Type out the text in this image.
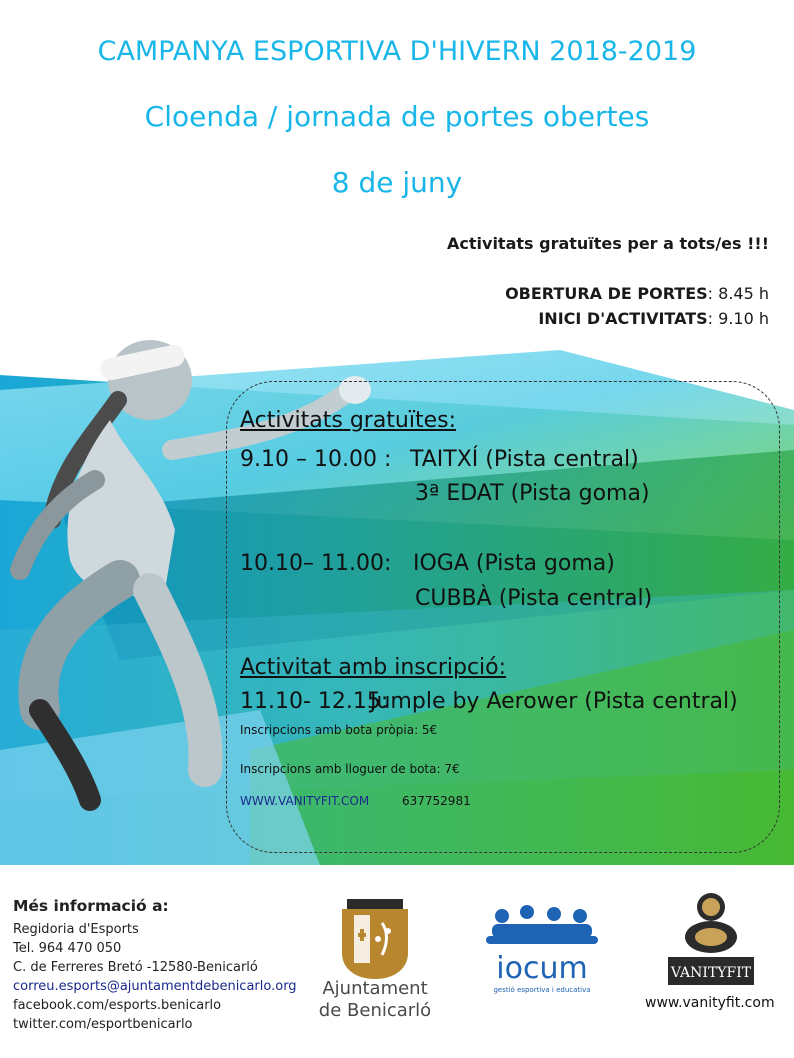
CAMPANYA ESPORTIVA D'HIVERN 2018-2019
Cloenda / jornada de portes obertes
8 de juny
Activitats gratuïtes per a tots/es !!!
OBERTURA DE PORTES: 8.45 h
INICI D'ACTIVITATS: 9.10 h
Activitats gratuïtes:
9.10 – 10.00 : TAITXÍ (Pista central)
3ª EDAT (Pista goma)
10.10– 11.00: IOGA (Pista goma)
CUBBÀ (Pista central)
Activitat amb inscripció:
11.10- 12.15:
Jumple by Aerower (Pista central)
Inscripcions amb bota pròpia: 5€
Inscripcions amb lloguer de bota: 7€
WWW.VANITYFIT.COM	637752981
Més informació a:
Regidoria d'Esports
Tel. 964 470 050
C. de Ferreres Bretó -12580-Benicarló
correu.esports@ajuntamentdebenicarlo.org
facebook.com/esports.benicarlo
twitter.com/esportbenicarlo
Ajuntament
de Benicarló
iocum
gestió esportiva i educativa
VANITYFIT
www.vanityfit.com
